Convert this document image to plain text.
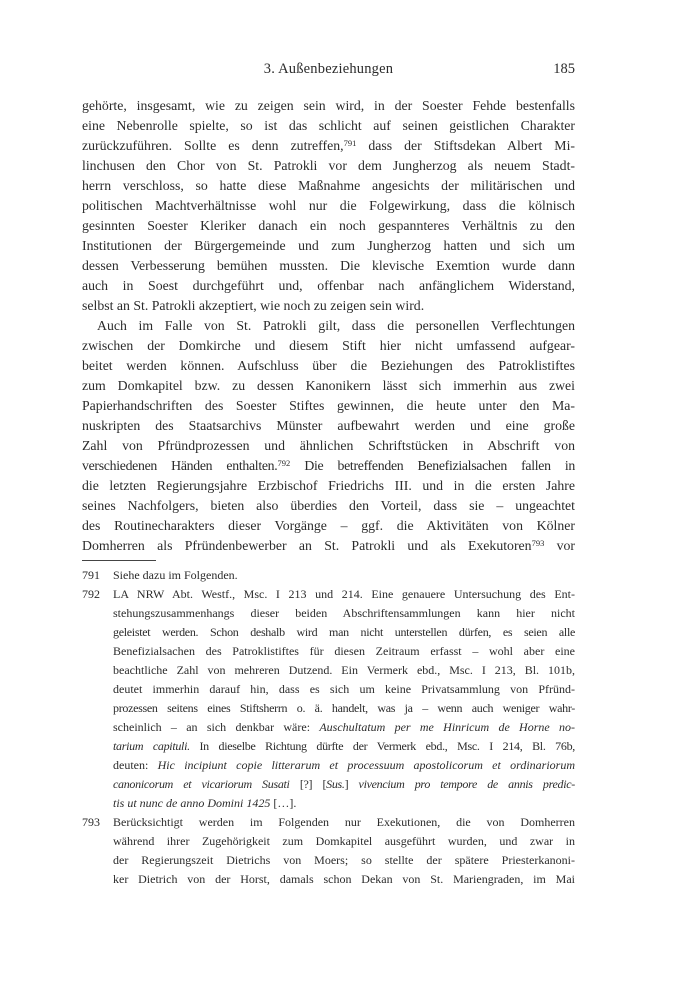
3. Außenbeziehungen	185
gehörte, insgesamt, wie zu zeigen sein wird, in der Soester Fehde bestenfalls
eine Nebenrolle spielte, so ist das schlicht auf seinen geistlichen Charakter
zurückzuführen. Sollte es denn zutreffen,$^{791}$ dass der Stiftsdekan Albert Mi-
linchusen den Chor von St. Patrokli vor dem Jungherzog als neuem Stadt-
herrn verschloss, so hatte diese Maßnahme angesichts der militärischen und
politischen Machtverhältnisse wohl nur die Folgewirkung, dass die kölnisch
gesinnten Soester Kleriker danach ein noch gespannteres Verhältnis zu den
Institutionen der Bürgergemeinde und zum Jungherzog hatten und sich um
dessen Verbesserung bemühen mussten. Die klevische Exemtion wurde dann
auch in Soest durchgeführt und, offenbar nach anfänglichem Widerstand,
selbst an St. Patrokli akzeptiert, wie noch zu zeigen sein wird.
Auch im Falle von St. Patrokli gilt, dass die personellen Verflechtungen
zwischen der Domkirche und diesem Stift hier nicht umfassend aufgear-
beitet werden können. Aufschluss über die Beziehungen des Patroklistiftes
zum Domkapitel bzw. zu dessen Kanonikern lässt sich immerhin aus zwei
Papierhandschriften des Soester Stiftes gewinnen, die heute unter den Ma-
nuskripten des Staatsarchivs Münster aufbewahrt werden und eine große
Zahl von Pfründprozessen und ähnlichen Schriftstücken in Abschrift von
verschiedenen Händen enthalten.$^{792}$ Die betreffenden Benefizialsachen fallen in
die letzten Regierungsjahre Erzbischof Friedrichs III. und in die ersten Jahre
seines Nachfolgers, bieten also überdies den Vorteil, dass sie – ungeachtet
des Routinecharakters dieser Vorgänge – ggf. die Aktivitäten von Kölner
Domherren als Pfründenbewerber an St. Patrokli und als Exekutoren$^{793}$ vor
791 Siehe dazu im Folgenden.
792 LA NRW Abt. Westf., Msc. I 213 und 214. Eine genauere Untersuchung des Ent-
stehungszusammenhangs dieser beiden Abschriftensammlungen kann hier nicht
geleistet werden. Schon deshalb wird man nicht unterstellen dürfen, es seien alle
Benefizialsachen des Patroklistiftes für diesen Zeitraum erfasst – wohl aber eine
beachtliche Zahl von mehreren Dutzend. Ein Vermerk ebd., Msc. I 213, Bl. 101b,
deutet immerhin darauf hin, dass es sich um keine Privatsammlung von Pfründ-
prozessen seitens eines Stiftsherrn o. ä. handelt, was ja – wenn auch weniger wahr-
scheinlich – an sich denkbar wäre: Auschultatum per me Hinricum de Horne no-
tarium capituli. In dieselbe Richtung dürfte der Vermerk ebd., Msc. I 214, Bl. 76b,
deuten: Hic incipiunt copie litterarum et processuum apostolicorum et ordinariorum
canonicorum et vicariorum Susati [?] [Sus.] vivencium pro tempore de annis predic-
tis ut nunc de anno Domini 1425 […].
793 Berücksichtigt werden im Folgenden nur Exekutionen, die von Domherren
während ihrer Zugehörigkeit zum Domkapitel ausgeführt wurden, und zwar in
der Regierungszeit Dietrichs von Moers; so stellte der spätere Priesterkanoni-
ker Dietrich von der Horst, damals schon Dekan von St. Mariengraden, im Mai
